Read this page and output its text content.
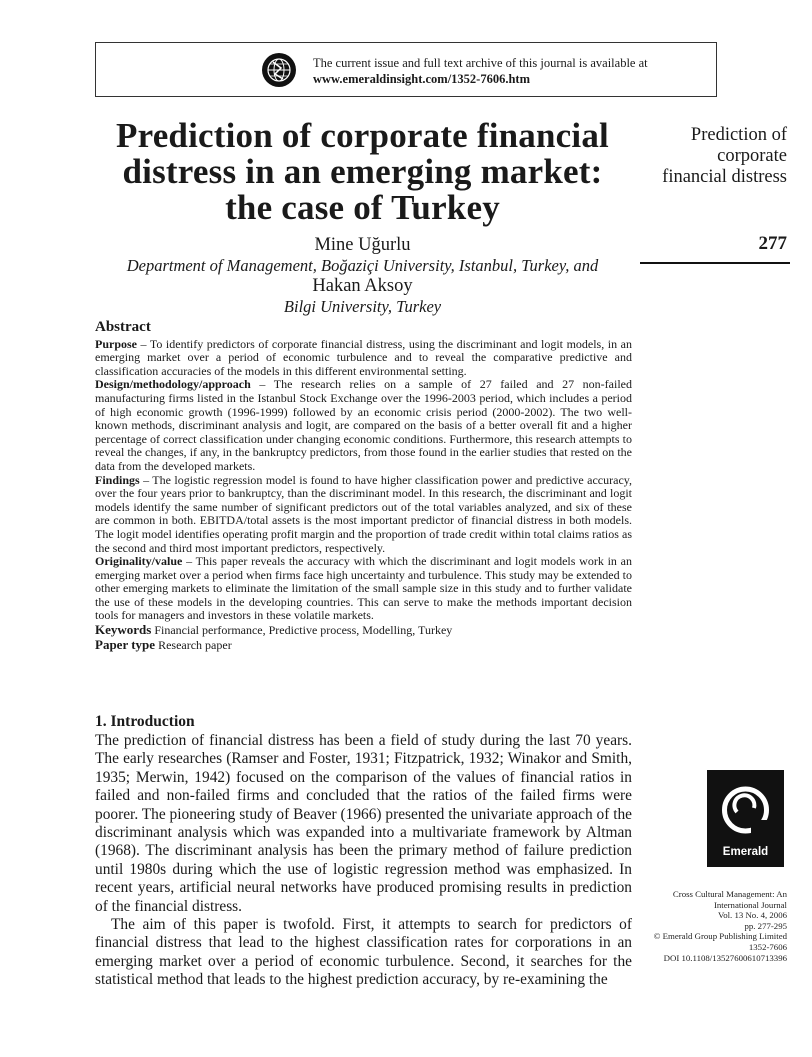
The current issue and full text archive of this journal is available at
www.emeraldinsight.com/1352-7606.htm
Prediction of corporate financial
distress in an emerging market:
the case of Turkey
Mine Uğurlu
Department of Management, Boğaziçi University, Istanbul, Turkey, and
Hakan Aksoy
Bilgi University, Turkey
Prediction of
corporate
financial distress
277
Abstract

Purpose – To identify predictors of corporate financial distress, using the discriminant and logit models, in an emerging market over a period of economic turbulence and to reveal the comparative predictive and classification accuracies of the models in this different environmental setting.

Design/methodology/approach – The research relies on a sample of 27 failed and 27 non-failed manufacturing firms listed in the Istanbul Stock Exchange over the 1996-2003 period, which includes a period of high economic growth (1996-1999) followed by an economic crisis period (2000-2002). The two well-known methods, discriminant analysis and logit, are compared on the basis of a better overall fit and a higher percentage of correct classification under changing economic conditions. Furthermore, this research attempts to reveal the changes, if any, in the bankruptcy predictors, from those found in the earlier studies that rested on the data from the developed markets.

Findings – The logistic regression model is found to have higher classification power and predictive accuracy, over the four years prior to bankruptcy, than the discriminant model. In this research, the discriminant and logit models identify the same number of significant predictors out of the total variables analyzed, and six of these are common in both. EBITDA/total assets is the most important predictor of financial distress in both models. The logit model identifies operating profit margin and the proportion of trade credit within total claims ratios as the second and third most important predictors, respectively.

Originality/value – This paper reveals the accuracy with which the discriminant and logit models work in an emerging market over a period when firms face high uncertainty and turbulence. This study may be extended to other emerging markets to eliminate the limitation of the small sample size in this study and to further validate the use of these models in the developing countries. This can serve to make the methods important decision tools for managers and investors in these volatile markets.

Keywords Financial performance, Predictive process, Modelling, Turkey

Paper type Research paper

1. Introduction

The prediction of financial distress has been a field of study during the last 70 years. The early researches (Ramser and Foster, 1931; Fitzpatrick, 1932; Winakor and Smith, 1935; Merwin, 1942) focused on the comparison of the values of financial ratios in failed and non-failed firms and concluded that the ratios of the failed firms were poorer. The pioneering study of Beaver (1966) presented the univariate approach of the discriminant analysis which was expanded into a multivariate framework by Altman (1968). The discriminant analysis has been the primary method of failure prediction until 1980s during which the use of logistic regression method was emphasized. In recent years, artificial neural networks have produced promising results in prediction of the financial distress.

The aim of this paper is twofold. First, it attempts to search for predictors of financial distress that lead to the highest classification rates for corporations in an emerging market over a period of economic turbulence. Second, it searches for the statistical method that leads to the highest prediction accuracy, by re-examining the

Emerald
Cross Cultural Management: An
International Journal
Vol. 13 No. 4, 2006
pp. 277-295
© Emerald Group Publishing Limited
1352-7606
DOI 10.1108/13527600610713396
